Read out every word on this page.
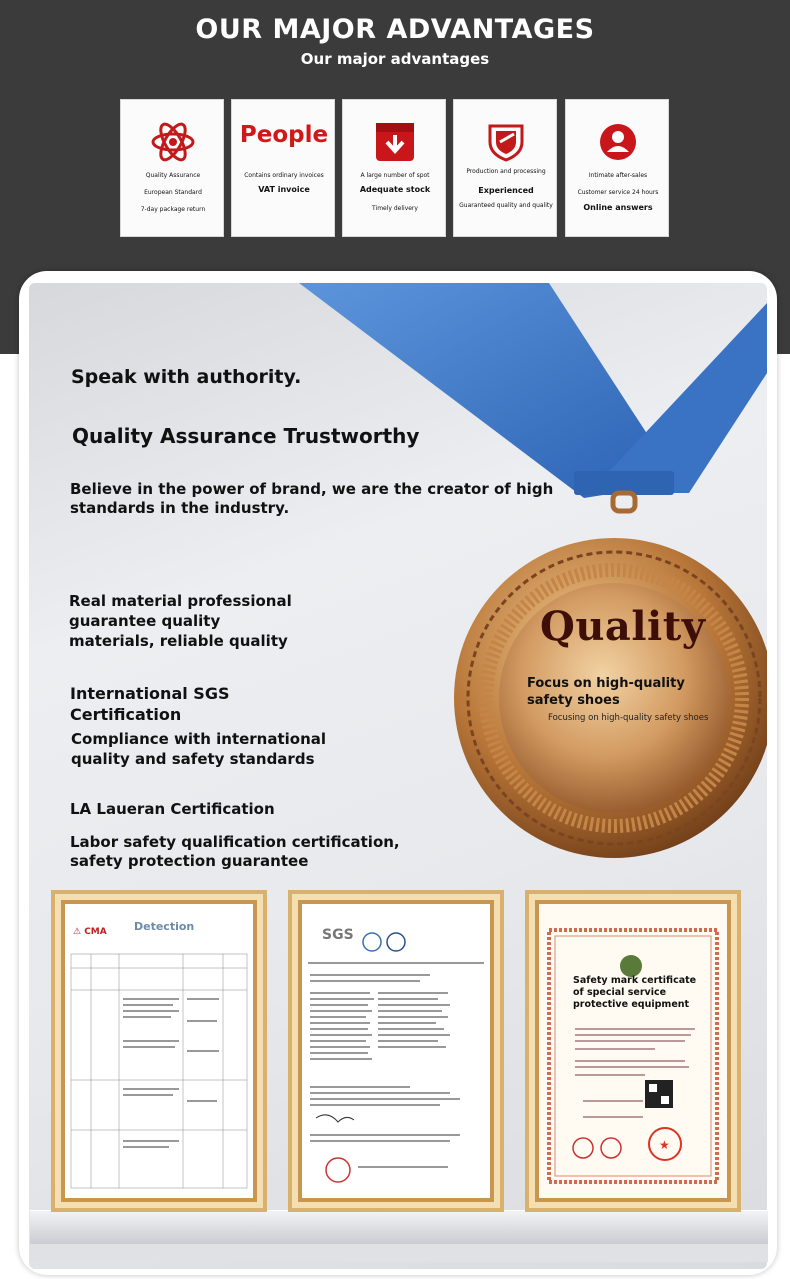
OUR MAJOR ADVANTAGES
Our major advantages
Quality Assurance
European Standard
7-day package return
People
Contains ordinary invoices
VAT invoice
A large number of spot
Adequate stock
Timely delivery
Production and processing
Experienced
Guaranteed quality and quality
Intimate after-sales
Customer service 24 hours
Online answers
Speak with authority.
Quality Assurance Trustworthy
Believe in the power of brand, we are the creator of high
standards in the industry.
Real material professional
guarantee quality
materials, reliable quality
International SGS
Certification
Compliance with international
quality and safety standards
LA Laueran Certification
Labor safety qualification certification,
safety protection guarantee
Quality
Focus on high-quality
safety shoes
Focusing on high-quality safety shoes
⚠ CMA Detection
SGS
★
Safety mark certificate
of special service
protective equipment
